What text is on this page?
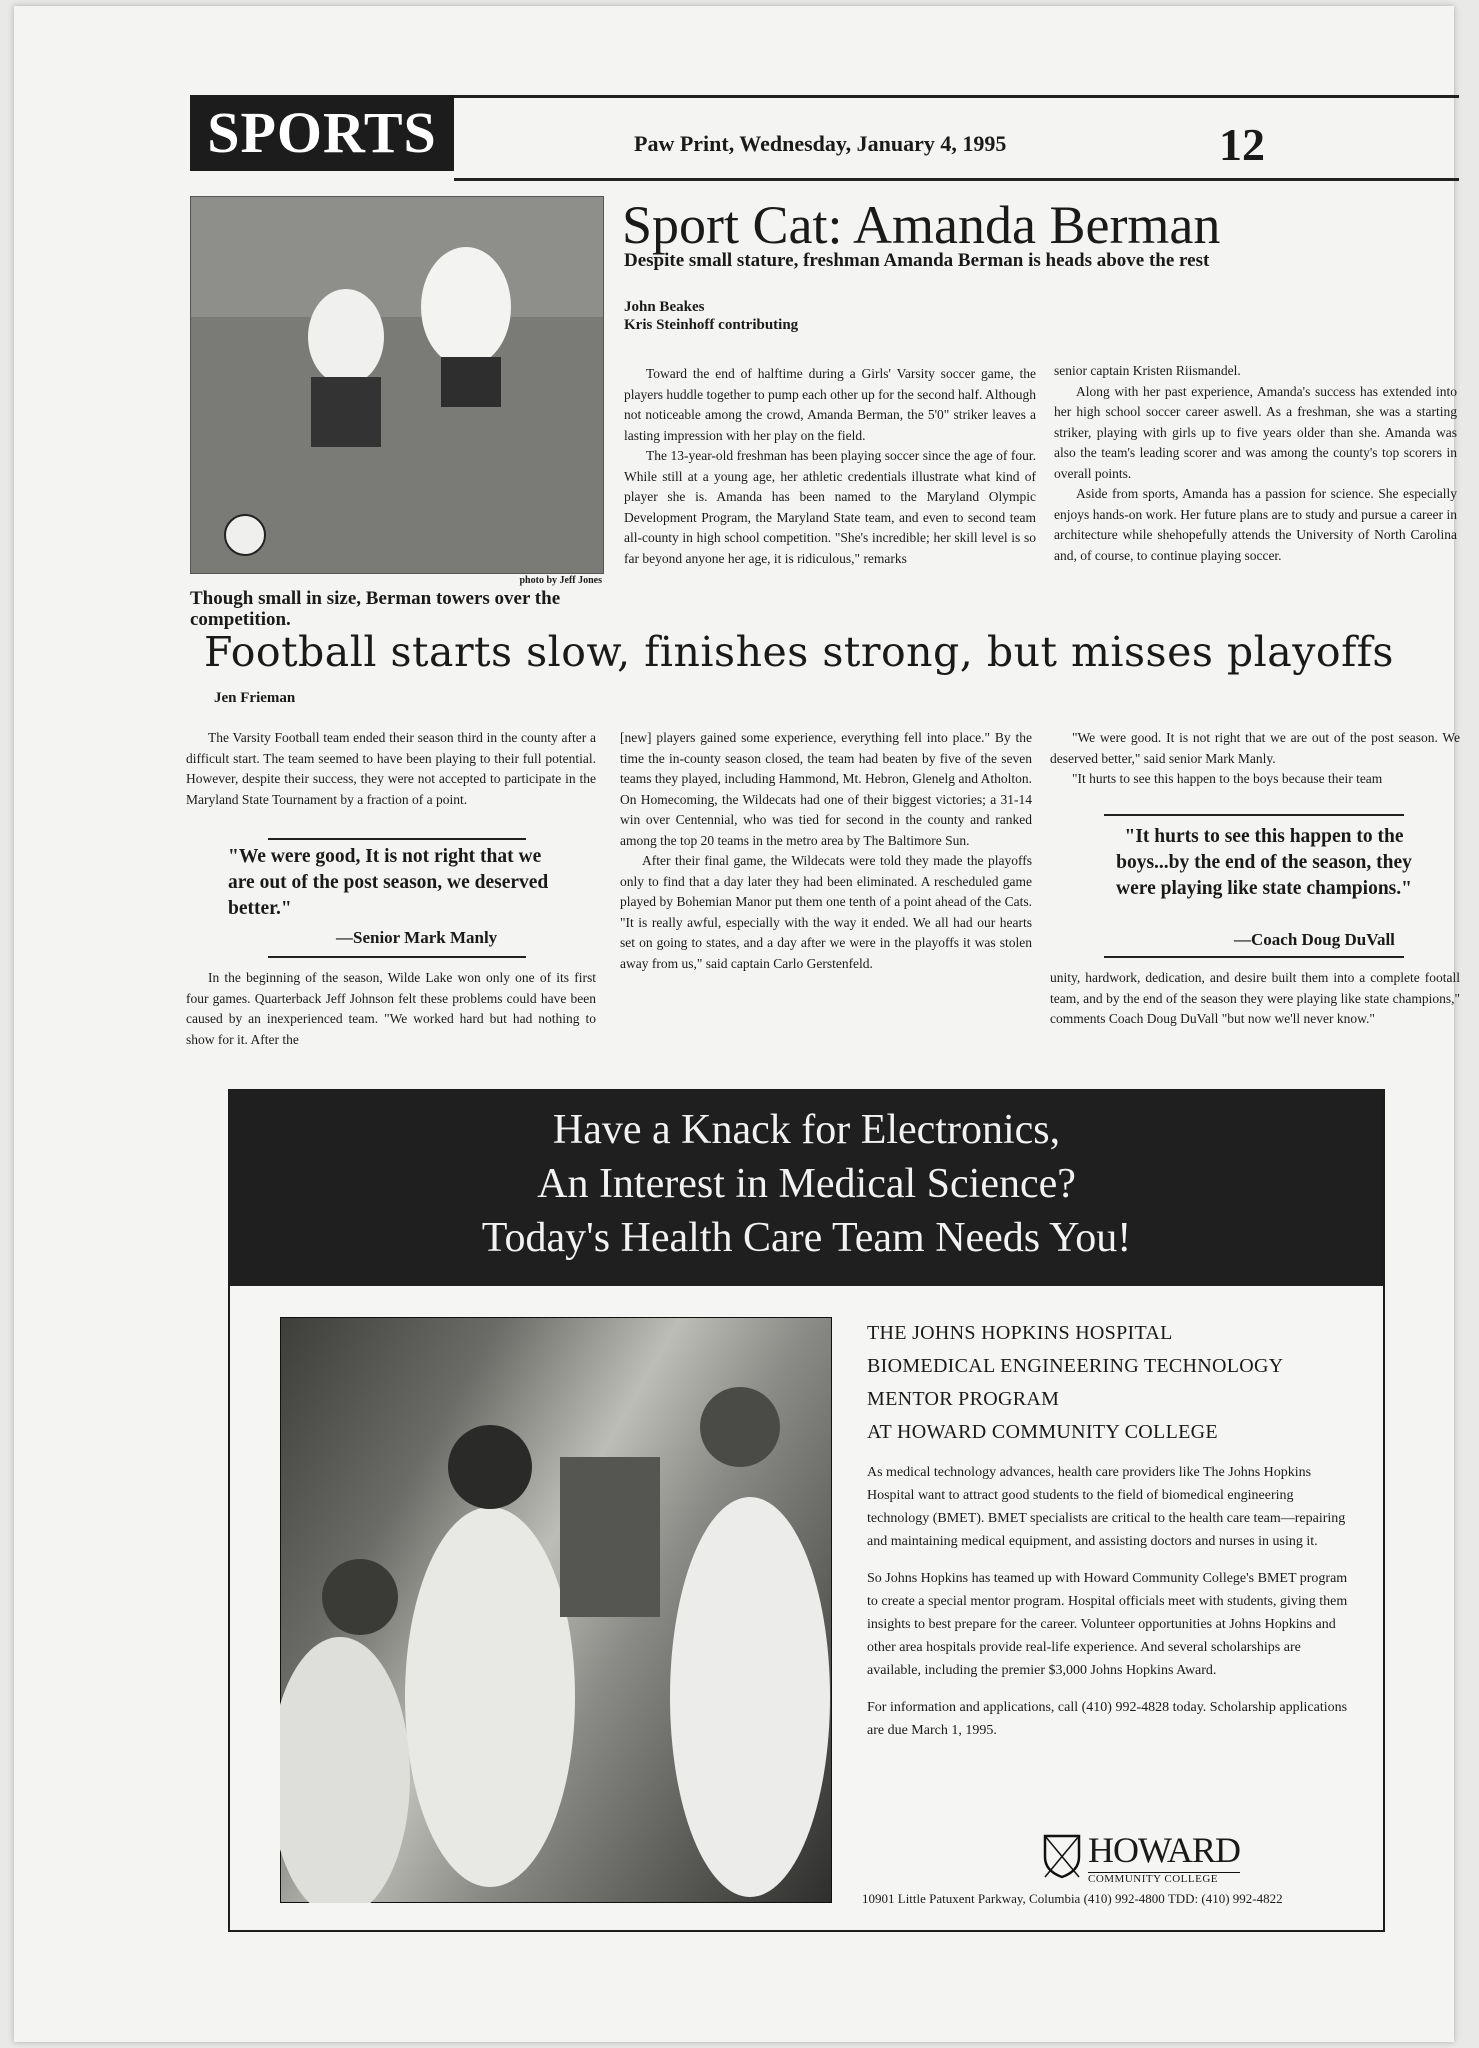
SPORTS	Paw Print, Wednesday, January 4, 1995	12
photo by Jeff Jones
Though small in size, Berman towers over the competition.
Sport Cat: Amanda Berman
Despite small stature, freshman Amanda Berman is heads above the rest
John Beakes
Kris Steinhoff contributing

Toward the end of halftime during a Girls' Varsity soccer game, the players huddle together to pump each other up for the second half. Although not noticeable among the crowd, Amanda Berman, the 5'0" striker leaves a lasting impression with her play on the field.

The 13-year-old freshman has been playing soccer since the age of four. While still at a young age, her athletic credentials illustrate what kind of player she is. Amanda has been named to the Maryland Olympic Development Program, the Maryland State team, and even to second team all-county in high school competition. "She's incredible; her skill level is so far beyond anyone her age, it is ridiculous," remarks

senior captain Kristen Riismandel.

Along with her past experience, Amanda's success has extended into her high school soccer career aswell. As a freshman, she was a starting striker, playing with girls up to five years older than she. Amanda was also the team's leading scorer and was among the county's top scorers in overall points.

Aside from sports, Amanda has a passion for science. She especially enjoys hands-on work. Her future plans are to study and pursue a career in architecture while shehopefully attends the University of North Carolina and, of course, to continue playing soccer.

Football starts slow, finishes strong, but misses playoffs
Jen Frieman

The Varsity Football team ended their season third in the county after a difficult start. The team seemed to have been playing to their full potential. However, despite their success, they were not accepted to participate in the Maryland State Tournament by a fraction of a point.

"We were good, It is not right that we are out of the post season, we deserved better."
—Senior Mark Manly

In the beginning of the season, Wilde Lake won only one of its first four games. Quarterback Jeff Johnson felt these problems could have been caused by an inexperienced team. "We worked hard but had nothing to show for it. After the

[new] players gained some experience, everything fell into place." By the time the in-county season closed, the team had beaten by five of the seven teams they played, including Hammond, Mt. Hebron, Glenelg and Atholton. On Homecoming, the Wildecats had one of their biggest victories; a 31-14 win over Centennial, who was tied for second in the county and ranked among the top 20 teams in the metro area by The Baltimore Sun.

After their final game, the Wildecats were told they made the playoffs only to find that a day later they had been eliminated. A rescheduled game played by Bohemian Manor put them one tenth of a point ahead of the Cats. "It is really awful, especially with the way it ended. We all had our hearts set on going to states, and a day after we were in the playoffs it was stolen away from us," said captain Carlo Gerstenfeld.

"We were good. It is not right that we are out of the post season. We deserved better," said senior Mark Manly.

"It hurts to see this happen to the boys because their team

"It hurts to see this happen to the boys...by the end of the season, they were playing like state champions."
—Coach Doug DuVall

unity, hardwork, dedication, and desire built them into a complete footall team, and by the end of the season they were playing like state champions," comments Coach Doug DuVall "but now we'll never know."

Have a Knack for Electronics,
An Interest in Medical Science?
Today's Health Care Team Needs You!
THE JOHNS HOPKINS HOSPITAL
BIOMEDICAL ENGINEERING TECHNOLOGY
MENTOR PROGRAM
AT HOWARD COMMUNITY COLLEGE

As medical technology advances, health care providers like The Johns Hopkins Hospital want to attract good students to the field of biomedical engineering technology (BMET). BMET specialists are critical to the health care team—repairing and maintaining medical equipment, and assisting doctors and nurses in using it.

So Johns Hopkins has teamed up with Howard Community College's BMET program to create a special mentor program. Hospital officials meet with students, giving them insights to best prepare for the career. Volunteer opportunities at Johns Hopkins and other area hospitals provide real-life experience. And several scholarships are available, including the premier $3,000 Johns Hopkins Award.

For information and applications, call (410) 992-4828 today. Scholarship applications are due March 1, 1995.

HOWARD
COMMUNITY COLLEGE
10901 Little Patuxent Parkway, Columbia (410) 992-4800 TDD: (410) 992-4822
